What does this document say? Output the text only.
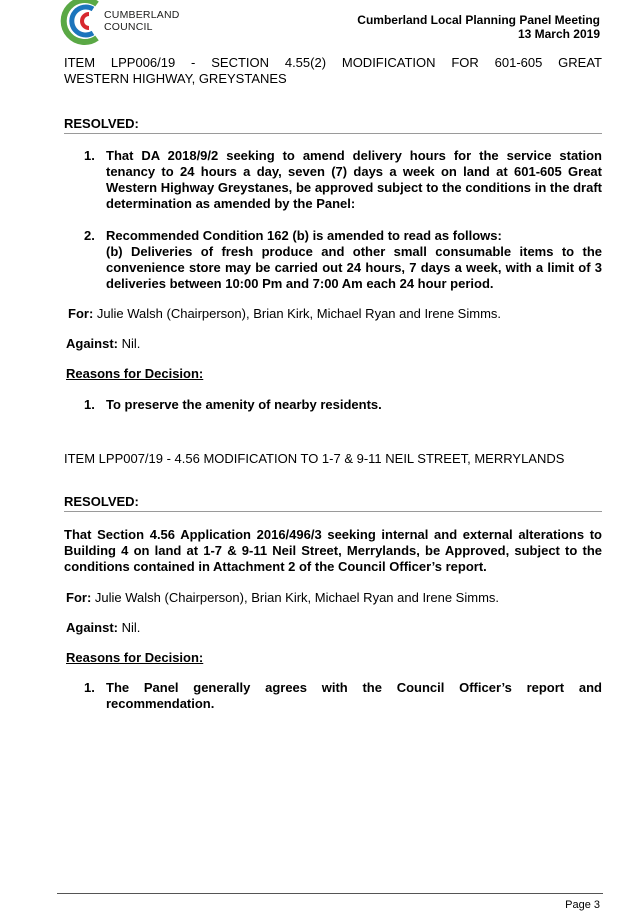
CUMBERLAND
COUNCIL	Cumberland Local Planning Panel Meeting
13 March 2019
ITEM LPP006/19 - SECTION 4.55(2) MODIFICATION FOR 601-605 GREAT
WESTERN HIGHWAY, GREYSTANES
RESOLVED:
1. That DA 2018/9/2 seeking to amend delivery hours for the service station tenancy to 24 hours a day, seven (7) days a week on land at 601-605 Great Western Highway Greystanes, be approved subject to the conditions in the draft determination as amended by the Panel:
2. Recommended Condition 162 (b) is amended to read as follows:
(b) Deliveries of fresh produce and other small consumable items to the convenience store may be carried out 24 hours, 7 days a week, with a limit of 3 deliveries between 10:00 Pm and 7:00 Am each 24 hour period.
For: Julie Walsh (Chairperson), Brian Kirk, Michael Ryan and Irene Simms.
Against: Nil.
Reasons for Decision:
1. To preserve the amenity of nearby residents.
ITEM LPP007/19 - 4.56 MODIFICATION TO 1-7 & 9-11 NEIL STREET, MERRYLANDS
RESOLVED:
That Section 4.56 Application 2016/496/3 seeking internal and external alterations to Building 4 on land at 1-7 & 9-11 Neil Street, Merrylands, be Approved, subject to the conditions contained in Attachment 2 of the Council Officer’s report.
For: Julie Walsh (Chairperson), Brian Kirk, Michael Ryan and Irene Simms.
Against: Nil.
Reasons for Decision:
1. The Panel generally agrees with the Council Officer’s report and recommendation.
Page 3
